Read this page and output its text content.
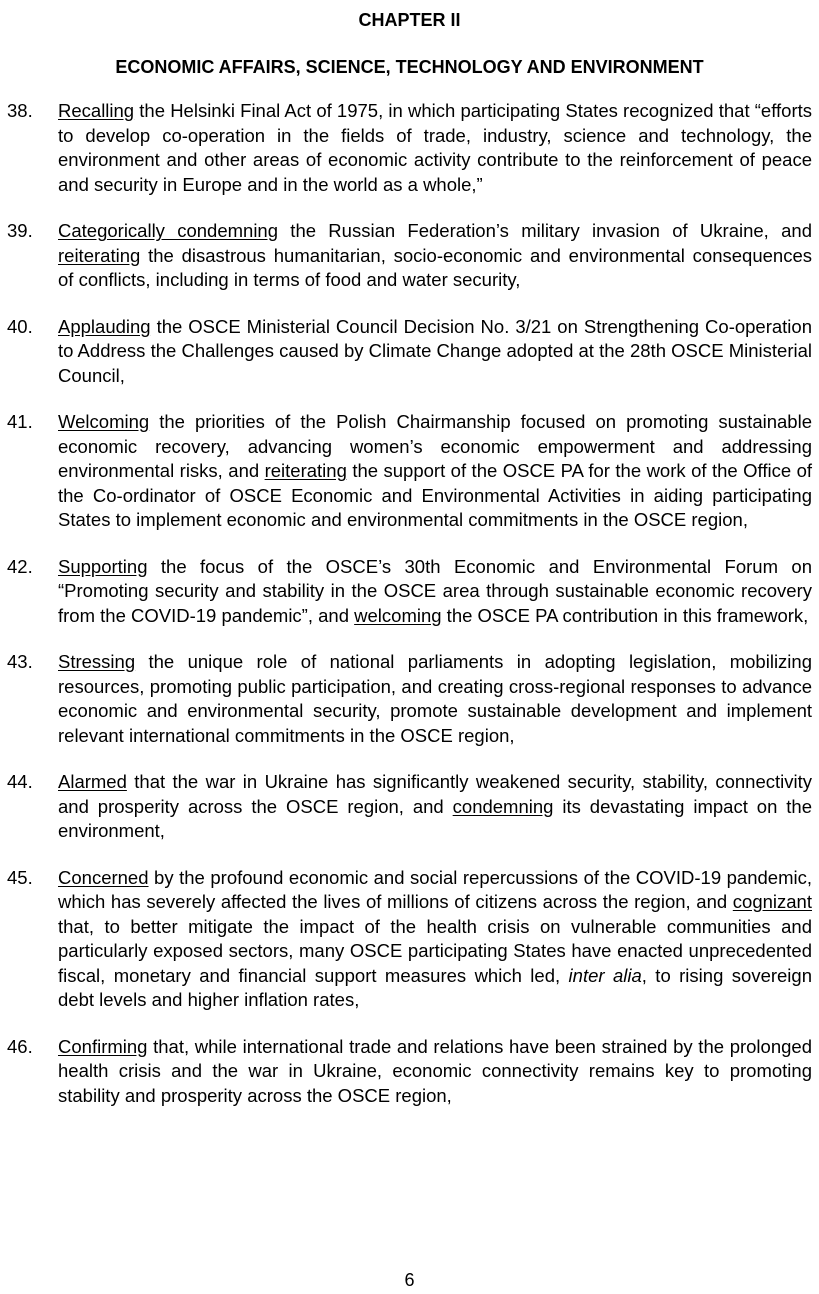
CHAPTER II
ECONOMIC AFFAIRS, SCIENCE, TECHNOLOGY AND ENVIRONMENT
38. Recalling the Helsinki Final Act of 1975, in which participating States recognized that “efforts to develop co-operation in the fields of trade, industry, science and technology, the environment and other areas of economic activity contribute to the reinforcement of peace and security in Europe and in the world as a whole,”
39. Categorically condemning the Russian Federation’s military invasion of Ukraine, and reiterating the disastrous humanitarian, socio-economic and environmental consequences of conflicts, including in terms of food and water security,
40. Applauding the OSCE Ministerial Council Decision No. 3/21 on Strengthening Co-operation to Address the Challenges caused by Climate Change adopted at the 28th OSCE Ministerial Council,
41. Welcoming the priorities of the Polish Chairmanship focused on promoting sustainable economic recovery, advancing women’s economic empowerment and addressing environmental risks, and reiterating the support of the OSCE PA for the work of the Office of the Co-ordinator of OSCE Economic and Environmental Activities in aiding participating States to implement economic and environmental commitments in the OSCE region,
42. Supporting the focus of the OSCE’s 30th Economic and Environmental Forum on “Promoting security and stability in the OSCE area through sustainable economic recovery from the COVID-19 pandemic”, and welcoming the OSCE PA contribution in this framework,
43. Stressing the unique role of national parliaments in adopting legislation, mobilizing resources, promoting public participation, and creating cross-regional responses to advance economic and environmental security, promote sustainable development and implement relevant international commitments in the OSCE region,
44. Alarmed that the war in Ukraine has significantly weakened security, stability, connectivity and prosperity across the OSCE region, and condemning its devastating impact on the environment,
45. Concerned by the profound economic and social repercussions of the COVID-19 pandemic, which has severely affected the lives of millions of citizens across the region, and cognizant that, to better mitigate the impact of the health crisis on vulnerable communities and particularly exposed sectors, many OSCE participating States have enacted unprecedented fiscal, monetary and financial support measures which led, inter alia, to rising sovereign debt levels and higher inflation rates,
46. Confirming that, while international trade and relations have been strained by the prolonged health crisis and the war in Ukraine, economic connectivity remains key to promoting stability and prosperity across the OSCE region,
6
